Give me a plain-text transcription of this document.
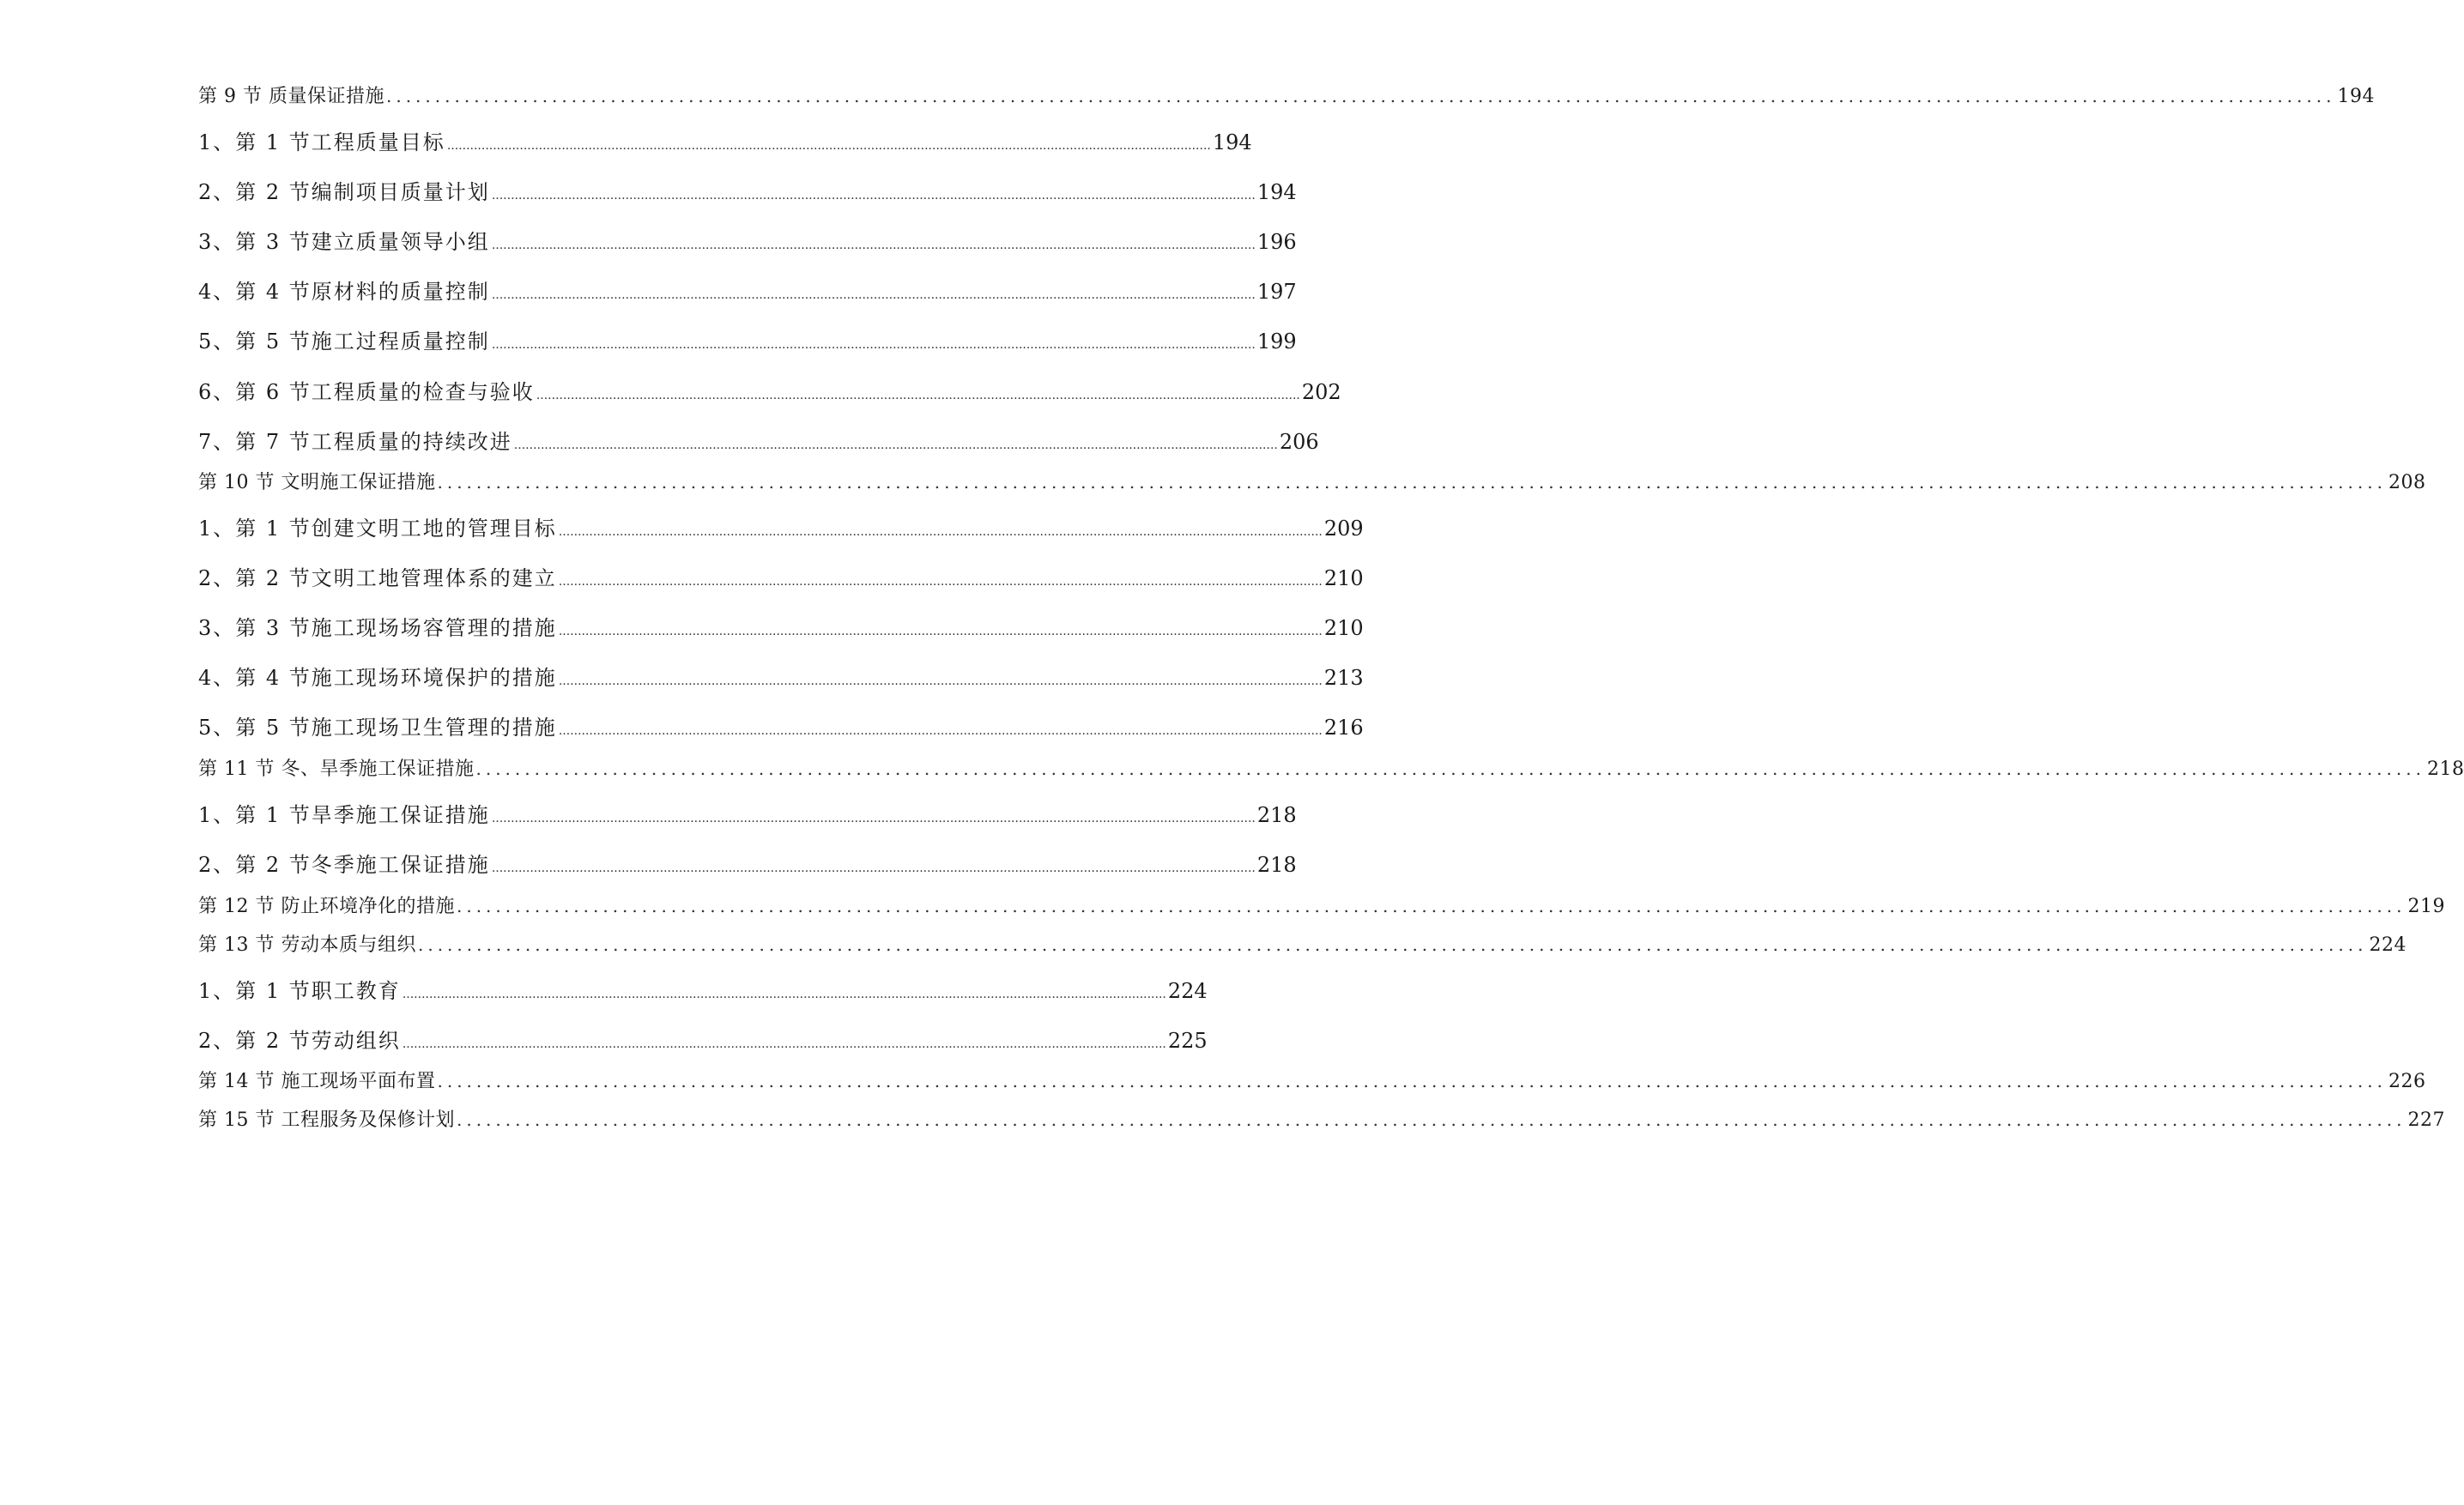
第 9 节 质量保证措施 ........................................................................................................................................................................................................ 194
1、 第 1 节工程质量目标 ........................................................................................................................................................................................................ 194
2、 第 2 节编制项目质量计划 ........................................................................................................................................................................................................ 194
3、 第 3 节建立质量领导小组 ........................................................................................................................................................................................................ 196
4、 第 4 节原材料的质量控制 ........................................................................................................................................................................................................ 197
5、 第 5 节施工过程质量控制 ........................................................................................................................................................................................................ 199
6、 第 6 节工程质量的检查与验收 ........................................................................................................................................................................................................ 202
7、 第 7 节工程质量的持续改进 ........................................................................................................................................................................................................ 206
第 10 节 文明施工保证措施 ........................................................................................................................................................................................................ 208
1、 第 1 节创建文明工地的管理目标 ........................................................................................................................................................................................................ 209
2、 第 2 节文明工地管理体系的建立 ........................................................................................................................................................................................................ 210
3、 第 3 节施工现场场容管理的措施 ........................................................................................................................................................................................................ 210
4、 第 4 节施工现场环境保护的措施 ........................................................................................................................................................................................................ 213
5、 第 5 节施工现场卫生管理的措施 ........................................................................................................................................................................................................ 216
第 11 节 冬、旱季施工保证措施 ........................................................................................................................................................................................................ 218
1、 第 1 节旱季施工保证措施 ........................................................................................................................................................................................................ 218
2、 第 2 节冬季施工保证措施 ........................................................................................................................................................................................................ 218
第 12 节 防止环境净化的措施 ........................................................................................................................................................................................................ 219
第 13 节 劳动本质与组织 ........................................................................................................................................................................................................ 224
1、 第 1 节职工教育 ........................................................................................................................................................................................................ 224
2、 第 2 节劳动组织 ........................................................................................................................................................................................................ 225
第 14 节 施工现场平面布置 ........................................................................................................................................................................................................ 226
第 15 节 工程服务及保修计划 ........................................................................................................................................................................................................ 227
